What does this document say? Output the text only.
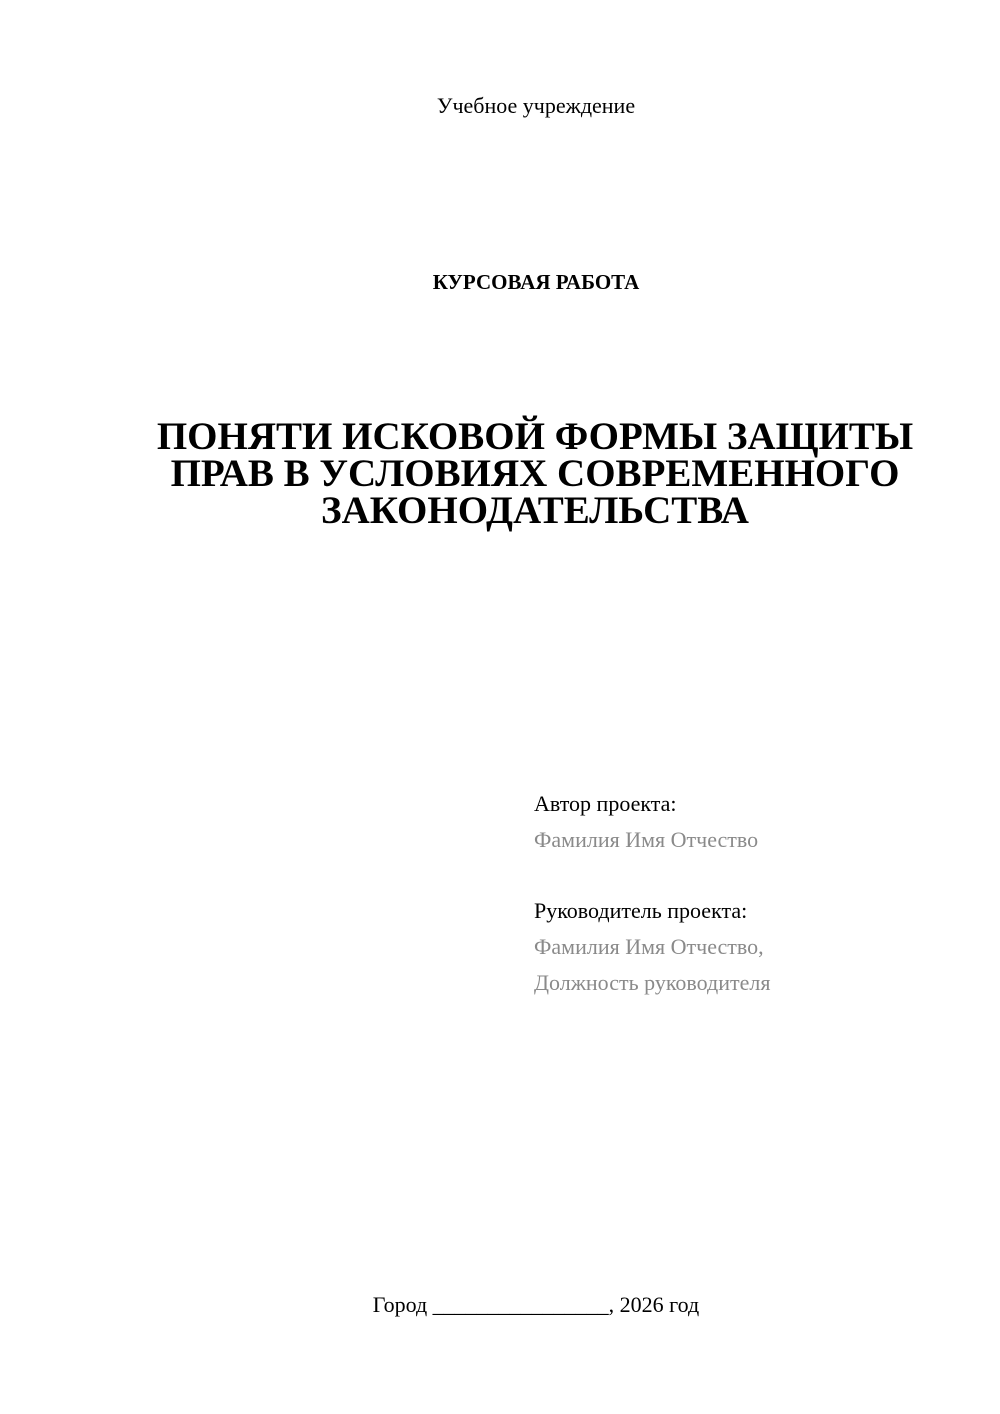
Учебное учреждение
КУРСОВАЯ РАБОТА
ПОНЯТИ ИСКОВОЙ ФОРМЫ ЗАЩИТЫ
ПРАВ В УСЛОВИЯХ СОВРЕМЕННОГО
ЗАКОНОДАТЕЛЬСТВА
Автор проекта:
Фамилия Имя Отчество
Руководитель проекта:
Фамилия Имя Отчество,
Должность руководителя
Город ________________, 2026 год
